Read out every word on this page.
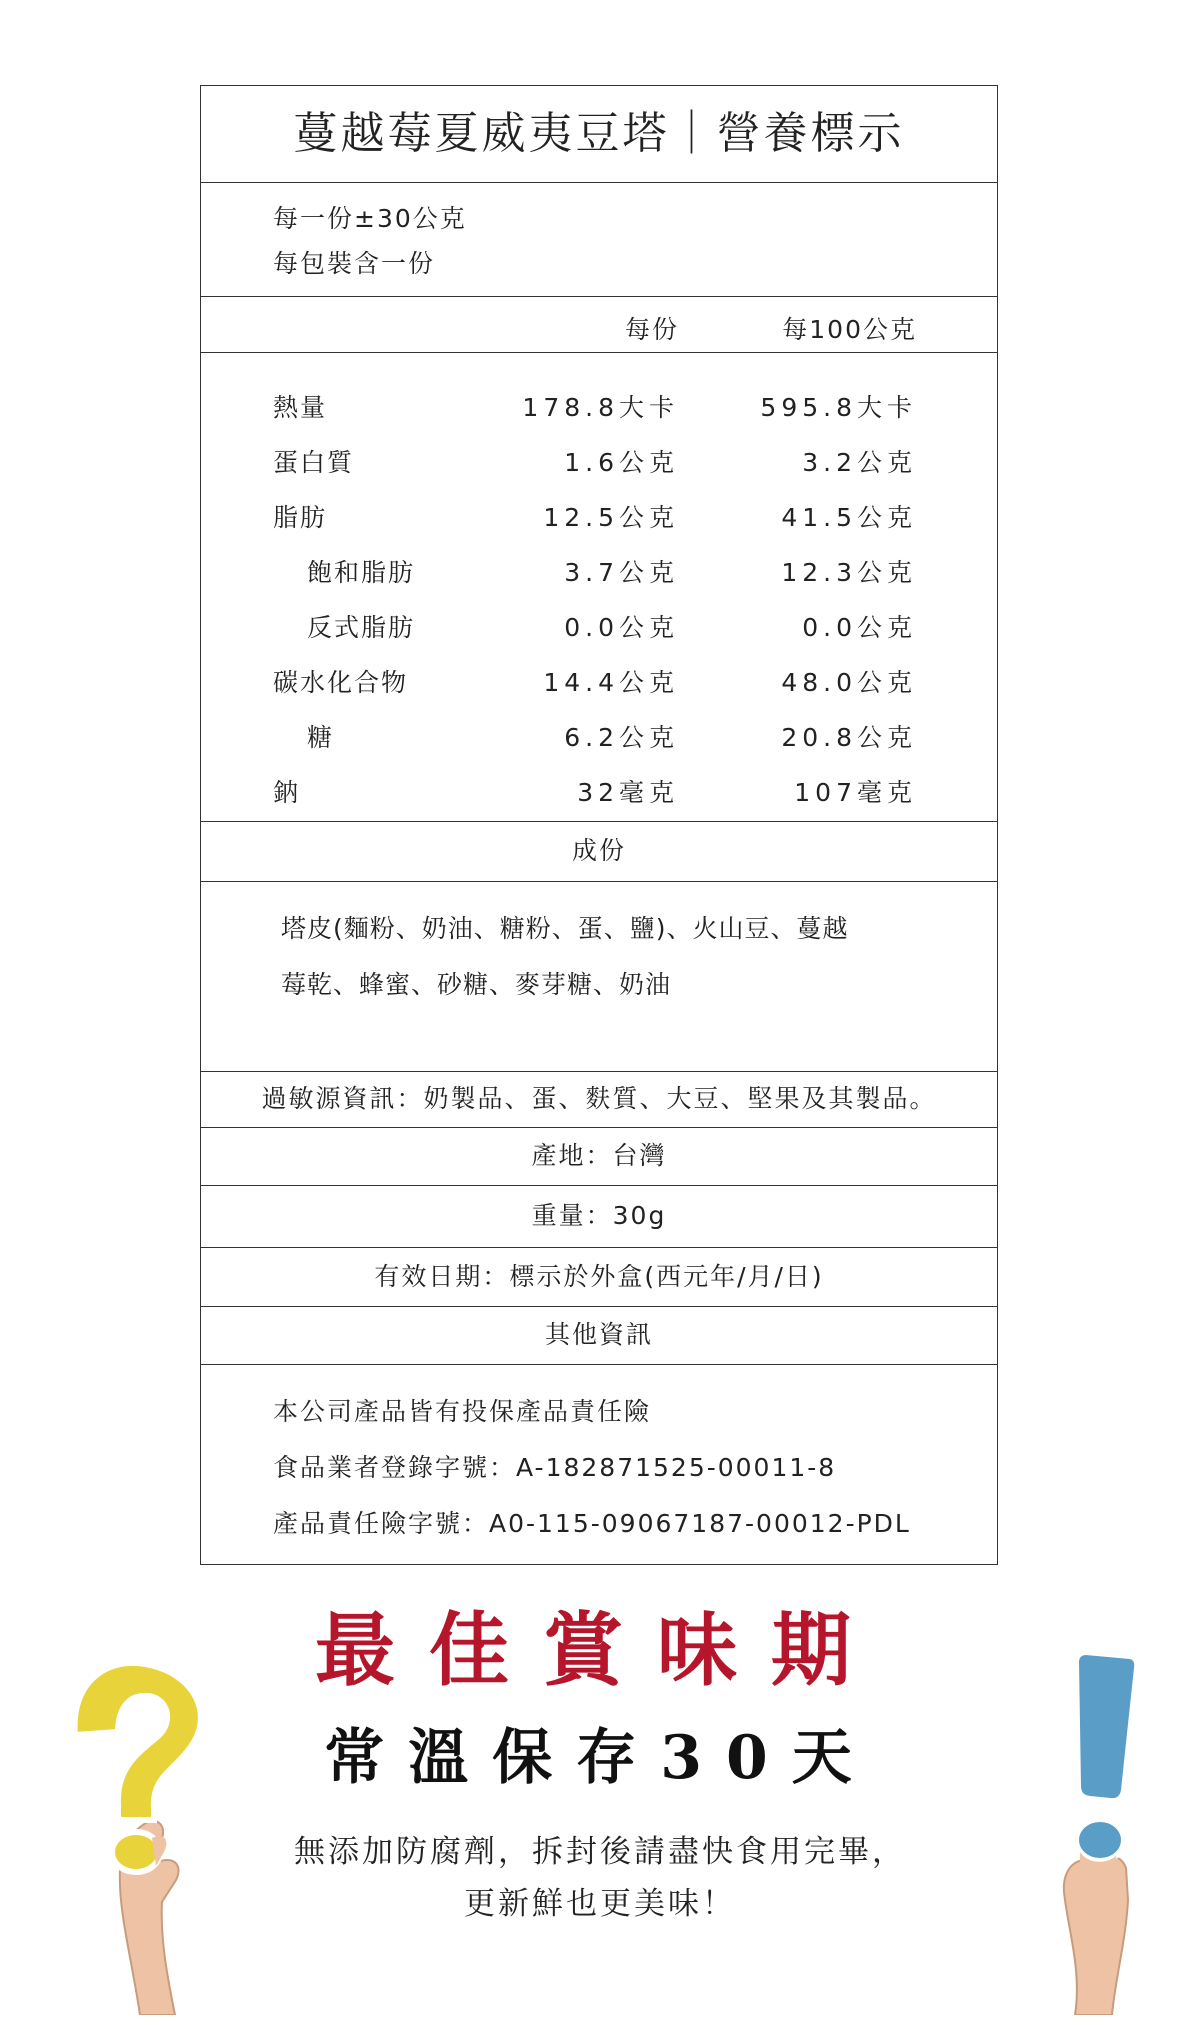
蔓越莓夏威夷豆塔｜營養標示
每一份±30公克
每包裝含一份
每份	每100公克
熱量	178.8大卡	595.8大卡
蛋白質	1.6公克	3.2公克
脂肪	12.5公克	41.5公克
飽和脂肪	3.7公克	12.3公克
反式脂肪	0.0公克	0.0公克
碳水化合物	14.4公克	48.0公克
糖	6.2公克	20.8公克
鈉	32毫克	107毫克
成份
塔皮(麵粉、奶油、糖粉、蛋、鹽)、火山豆、蔓越
莓乾、蜂蜜、砂糖、麥芽糖、奶油
過敏源資訊：奶製品、蛋、麩質、大豆、堅果及其製品。
產地：台灣
重量：30g
有效日期：標示於外盒(西元年/月/日)
其他資訊
本公司產品皆有投保產品責任險
食品業者登錄字號：A-182871525-00011-8
產品責任險字號：A0-115-09067187-00012-PDL
最佳賞味期
常溫保存30天
無添加防腐劑，拆封後請盡快食用完畢，
更新鮮也更美味！
